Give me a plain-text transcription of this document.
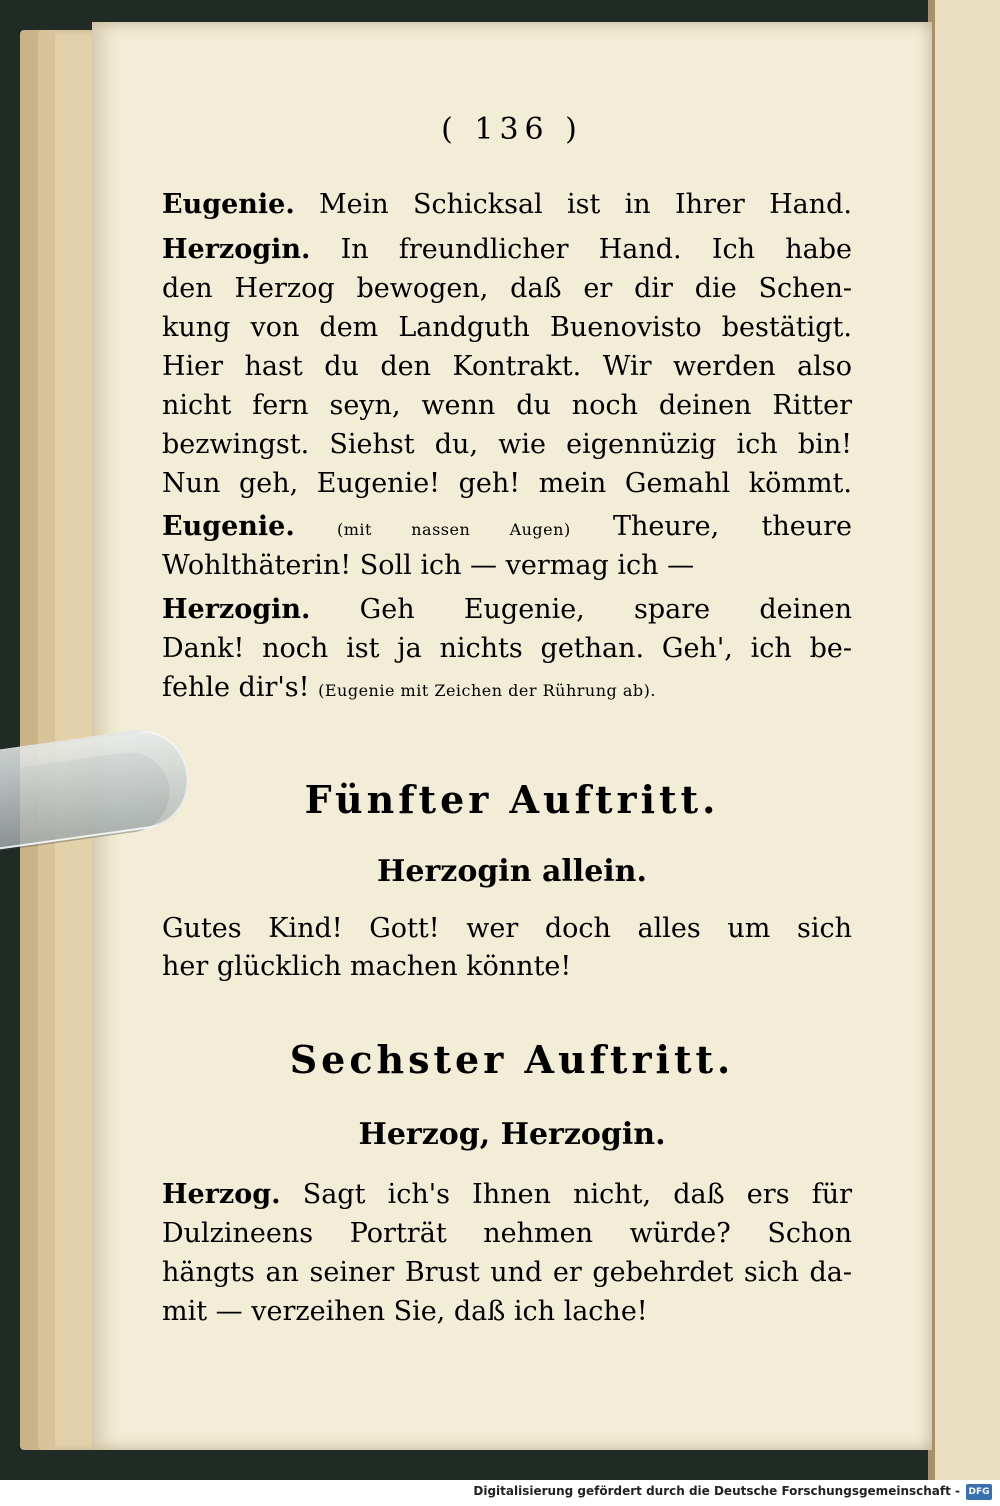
( 136 )
Eugenie. Mein Schicksal ist in Ihrer Hand.
Herzogin. In freundlicher Hand. Ich habe
den Herzog bewogen, daß er dir die Schen-
kung von dem Landguth Buenovisto bestätigt.
Hier hast du den Kontrakt. Wir werden also
nicht fern seyn, wenn du noch deinen Ritter
bezwingst. Siehst du, wie eigennüzig ich bin!
Nun geh, Eugenie! geh! mein Gemahl kömmt.
Eugenie.	(mit nassen Augen) Theure, theure
Wohlthäterin! Soll ich — vermag ich —
Herzogin. Geh Eugenie, spare deinen
Dank! noch ist ja nichts gethan. Geh', ich be-
fehle dir's! (Eugenie mit Zeichen der Rührung ab).
Fünfter Auftritt.
Herzogin allein.
Gutes Kind! Gott! wer doch alles um sich
her glücklich machen könnte!
Sechster Auftritt.
Herzog, Herzogin.
Herzog. Sagt ich's Ihnen nicht, daß ers für
Dulzineens Porträt nehmen würde? Schon
hängts an seiner Brust und er gebehrdet sich da-
mit — verzeihen Sie, daß ich lache!
Digitalisierung gefördert durch die Deutsche Forschungsgemeinschaft - DFG
